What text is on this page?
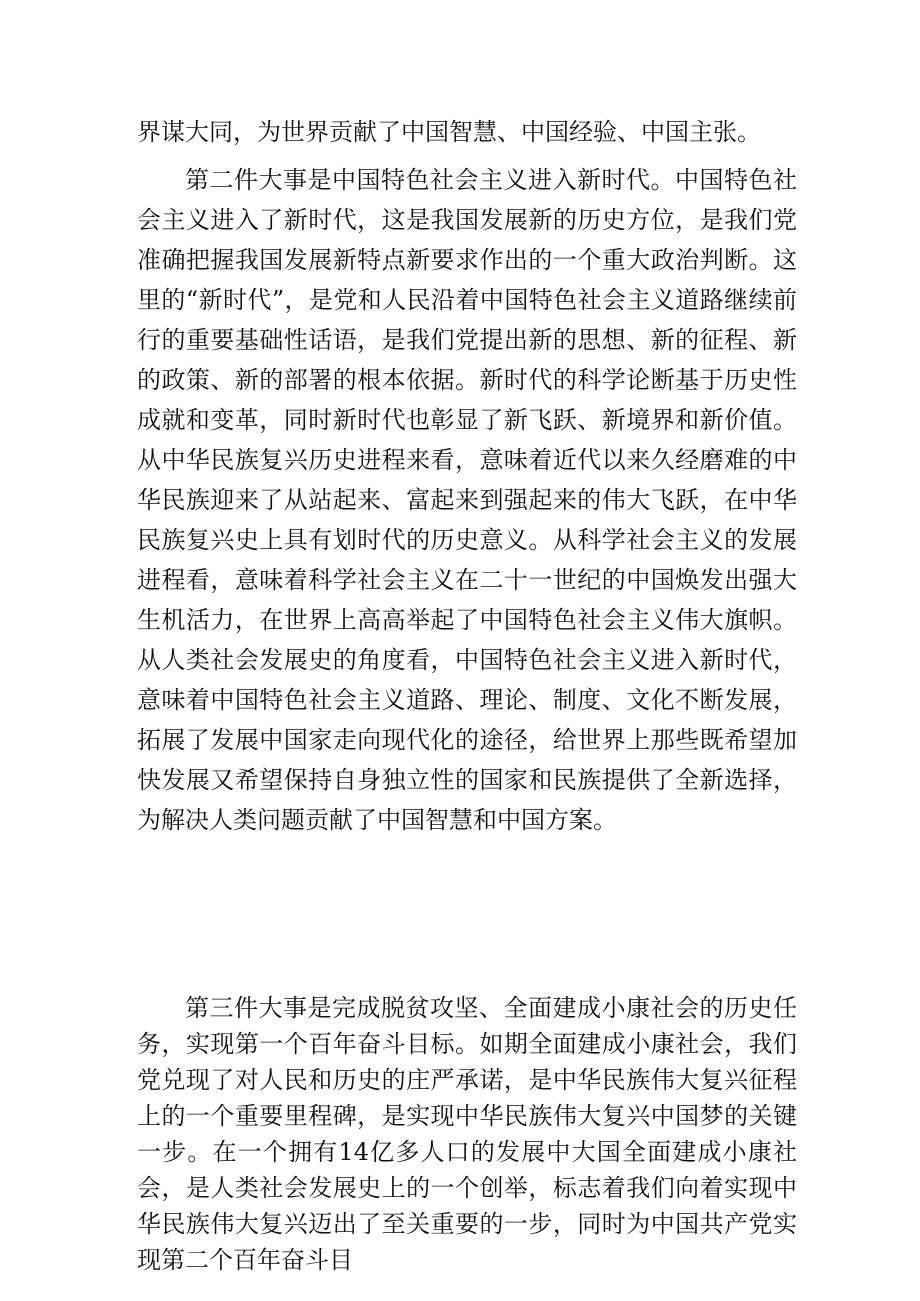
界谋大同，为世界贡献了中国智慧、中国经验、中国主张。

第二件大事是中国特色社会主义进入新时代。中国特色社会主义进入了新时代，这是我国发展新的历史方位，是我们党准确把握我国发展新特点新要求作出的一个重大政治判断。这里的“新时代”，是党和人民沿着中国特色社会主义道路继续前行的重要基础性话语，是我们党提出新的思想、新的征程、新的政策、新的部署的根本依据。新时代的科学论断基于历史性成就和变革，同时新时代也彰显了新飞跃、新境界和新价值。从中华民族复兴历史进程来看，意味着近代以来久经磨难的中华民族迎来了从站起来、富起来到强起来的伟大飞跃，在中华民族复兴史上具有划时代的历史意义。从科学社会主义的发展进程看，意味着科学社会主义在二十一世纪的中国焕发出强大生机活力，在世界上高高举起了中国特色社会主义伟大旗帜。从人类社会发展史的角度看，中国特色社会主义进入新时代，意味着中国特色社会主义道路、理论、制度、文化不断发展，拓展了发展中国家走向现代化的途径，给世界上那些既希望加快发展又希望保持自身独立性的国家和民族提供了全新选择，为解决人类问题贡献了中国智慧和中国方案。

第三件大事是完成脱贫攻坚、全面建成小康社会的历史任务，实现第一个百年奋斗目标。如期全面建成小康社会，我们党兑现了对人民和历史的庄严承诺，是中华民族伟大复兴征程上的一个重要里程碑，是实现中华民族伟大复兴中国梦的关键一步。在一个拥有14亿多人口的发展中大国全面建成小康社会，是人类社会发展史上的一个创举，标志着我们向着实现中华民族伟大复兴迈出了至关重要的一步，同时为中国共产党实现第二个百年奋斗目
